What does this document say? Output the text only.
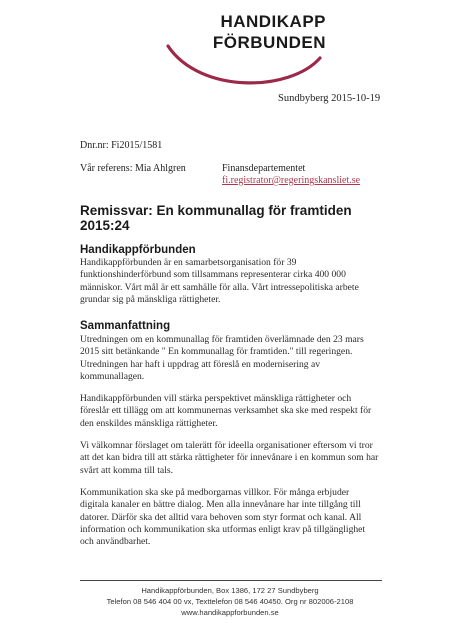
HANDIKAPP
FÖRBUNDEN
Sundbyberg 2015-10-19
Dnr.nr: Fi2015/1581
Vår referens: Mia Ahlgren	Finansdepartementet
fi.registrator@regeringskansliet.se
Remissvar: En kommunallag för framtiden 2015:24
Handikappförbunden

Handikappförbunden är en samarbetsorganisation för 39 funktionshinderförbund som tillsammans representerar cirka 400 000 människor. Vårt mål är ett samhälle för alla. Vårt intressepolitiska arbete grundar sig på mänskliga rättigheter.

Sammanfattning

Utredningen om en kommunallag för framtiden överlämnade den 23 mars 2015 sitt betänkande " En kommunallag för framtiden." till regeringen. Utredningen har haft i uppdrag att föreslå en modernisering av kommunallagen.

Handikappförbunden vill stärka perspektivet mänskliga rättigheter och föreslår ett tillägg om att kommunernas verksamhet ska ske med respekt för den enskildes mänskliga rättigheter.

Vi välkomnar förslaget om talerätt för ideella organisationer eftersom vi tror att det kan bidra till att stärka rättigheter för innevånare i en kommun som har svårt att komma till tals.

Kommunikation ska ske på medborgarnas villkor. För många erbjuder digitala kanaler en bättre dialog. Men alla innevånare har inte tillgång till datorer. Därför ska det alltid vara behoven som styr format och kanal. All information och kommunikation ska utformas enligt krav på tillgänglighet och användbarhet.

Handikappförbunden, Box 1386, 172 27 Sundbyberg
Telefon 08 546 404 00 vx, Texttelefon 08 546 40450. Org nr 802006-2108
www.handikappforbunden.se
